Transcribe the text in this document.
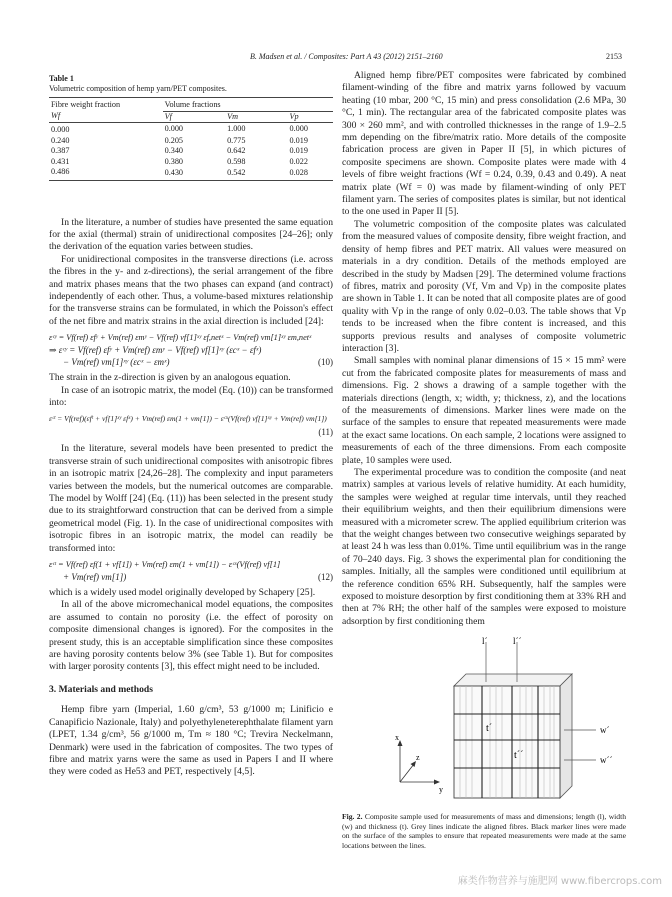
B. Madsen et al. / Composites: Part A 43 (2012) 2151–2160	2153
Table 1
Volumetric composition of hemp yarn/PET composites.
Fibre weight fraction	Volume fractions		
Wf	Vf	Vm	Vp
0.000	0.000	1.000	0.000
0.240	0.205	0.775	0.019
0.387	0.340	0.642	0.019
0.431	0.380	0.598	0.022
0.486	0.430	0.542	0.028

In the literature, a number of studies have presented the same equation for the axial (thermal) strain of unidirectional composites [24–26]; only the derivation of the equation varies between studies.

For unidirectional composites in the transverse directions (i.e. across the fibres in the y- and z-directions), the serial arrangement of the fibre and matrix phases means that the two phases can expand (and contract) independently of each other. Thus, a volume-based mixtures relationship for the transverse strains can be formulated, in which the Poisson's effect of the net fibre and matrix strains in the axial direction is included [24]:

εᶜʸ = Vf(ref) εfʸ + Vm(ref) εmʸ − Vf(ref) νf[1]ˣʸ εf,netˣ − Vm(ref) νm[1]ˣʸ εm,netˣ
⇒ εᶜʸ = Vf(ref) εfʸ + Vm(ref) εmʸ − Vf(ref) νf[1]ˣʸ (εcˣ − εfˣ)
− Vm(ref) νm[1]ˣʸ (εcˣ − εmˣ)	(10)

The strain in the z-direction is given by an analogous equation.

In case of an isotropic matrix, the model (Eq. (10)) can be transformed into:

εᶜᵗ = Vf(ref)(εfᵗ + νf[1]ˣʸ εfˣ) + Vm(ref) εm(1 + νm[1]) − εᶜˣ(Vf(ref) νf[1]ˣʸ + Vm(ref) νm[1])
(11)

In the literature, several models have been presented to predict the transverse strain of such unidirectional composites with anisotropic fibres in an isotropic matrix [24,26–28]. The complexity and input parameters varies between the models, but the numerical outcomes are comparable. The model by Wolff [24] (Eq. (11)) has been selected in the present study due to its straightforward construction that can be derived from a simple geometrical model (Fig. 1). In the case of unidirectional composites with isotropic fibres in an isotropic matrix, the model can readily be transformed into:

εᶜᵗ = Vf(ref) εf(1 + νf[1]) + Vm(ref) εm(1 + νm[1]) − εᶜˣ(Vf(ref) νf[1]
+ Vm(ref) νm[1])	(12)

which is a widely used model originally developed by Schapery [25].

In all of the above micromechanical model equations, the composites are assumed to contain no porosity (i.e. the effect of porosity on composite dimensional changes is ignored). For the composites in the present study, this is an acceptable simplification since these composites are having porosity contents below 3% (see Table 1). But for composites with larger porosity contents [3], this effect might need to be included.

3. Materials and methods

Hemp fibre yarn (Imperial, 1.60 g/cm³, 53 g/1000 m; Linificio e Canapificio Nazionale, Italy) and polyethyleneterephthalate filament yarn (LPET, 1.34 g/cm³, 56 g/1000 m, Tm ≈ 180 °C; Trevira Neckelmann, Denmark) were used in the fabrication of composites. The two types of fibre and matrix yarns were the same as used in Papers I and II where they were coded as He53 and PET, respectively [4,5].

Aligned hemp fibre/PET composites were fabricated by combined filament-winding of the fibre and matrix yarns followed by vacuum heating (10 mbar, 200 °C, 15 min) and press consolidation (2.6 MPa, 30 °C, 1 min). The rectangular area of the fabricated composite plates was 300 × 260 mm², and with controlled thicknesses in the range of 1.9–2.5 mm depending on the fibre/matrix ratio. More details of the composite fabrication process are given in Paper II [5], in which pictures of composite specimens are shown. Composite plates were made with 4 levels of fibre weight fractions (Wf = 0.24, 0.39, 0.43 and 0.49). A neat matrix plate (Wf = 0) was made by filament-winding of only PET filament yarn. The series of composites plates is similar, but not identical to the one used in Paper II [5].

The volumetric composition of the composite plates was calculated from the measured values of composite density, fibre weight fraction, and density of hemp fibres and PET matrix. All values were measured on materials in a dry condition. Details of the methods employed are described in the study by Madsen [29]. The determined volume fractions of fibres, matrix and porosity (Vf, Vm and Vp) in the composite plates are shown in Table 1. It can be noted that all composite plates are of good quality with Vp in the range of only 0.02–0.03. The table shows that Vp tends to be increased when the fibre content is increased, and this supports previous results and analyses of composite volumetric interaction [3].

Small samples with nominal planar dimensions of 15 × 15 mm² were cut from the fabricated composite plates for measurements of mass and dimensions. Fig. 2 shows a drawing of a sample together with the materials directions (length, x; width, y; thickness, z), and the locations of the measurements of dimensions. Marker lines were made on the surface of the samples to ensure that repeated measurements were made at the exact same locations. On each sample, 2 locations were assigned to measurements of each of the three dimensions. From each composite plate, 10 samples were used.

The experimental procedure was to condition the composite (and neat matrix) samples at various levels of relative humidity. At each humidity, the samples were weighed at regular time intervals, until they reached their equilibrium weights, and then their equilibrium dimensions were measured with a micrometer screw. The applied equilibrium criterion was that the weight changes between two consecutive weighings separated by at least 24 h was less than 0.01%. Time until equilibrium was in the range of 70–240 days. Fig. 3 shows the experimental plan for conditioning the samples. Initially, all the samples were conditioned until equilibrium at the reference condition 65% RH. Subsequently, half the samples were exposed to moisture desorption by first conditioning them at 33% RH and then at 7% RH; the other half of the samples were exposed to moisture adsorption by first conditioning them

l´	l´´
w´
w´´
t´
t´´
x
y
z
Fig. 2. Composite sample used for measurements of mass and dimensions; length (l), width (w) and thickness (t). Grey lines indicate the aligned fibres. Black marker lines were made on the surface of the samples to ensure that repeated measurements were made at the same locations between the lines.
麻类作物营养与施肥网 www.fibercrops.com
